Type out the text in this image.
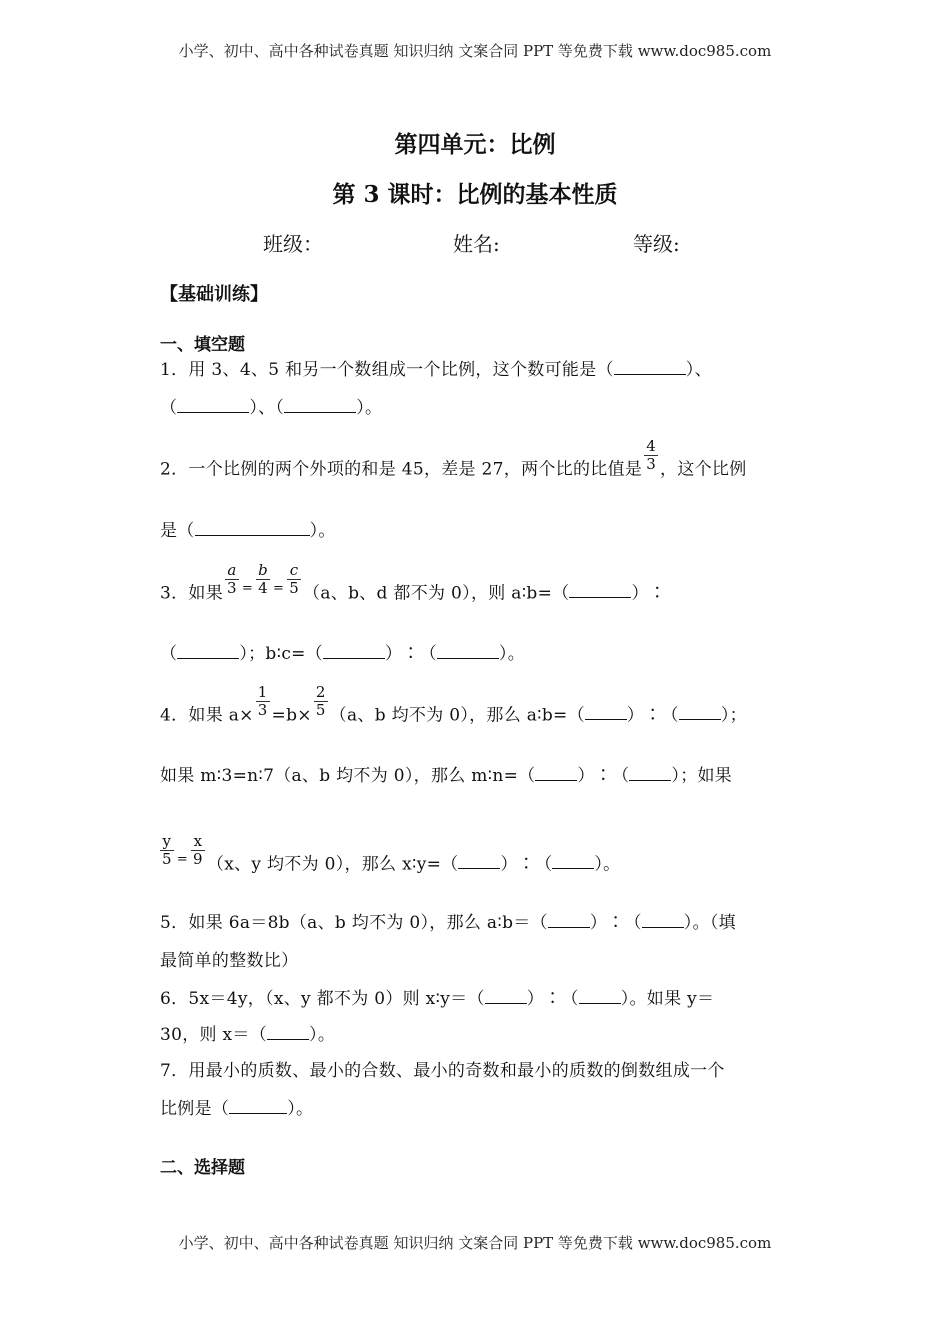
小学、初中、高中各种试卷真题 知识归纳 文案合同 PPT 等免费下载 www.doc985.com
第四单元：比例
第 3 课时：比例的基本性质
班级：	姓名:	等级:
【基础训练】
一、填空题
1．用 3、4、5 和另一个数组成一个比例，这个数可能是（	）、
（	）、（	）。
2．一个比例的两个外项的和是 45，差是 27，两个比的比值是 $\frac{4}{3}$ ，这个比例
是（	）。
3．如果 $\frac{a}{3} ^= \frac{b}{4} ^= \frac{c}{5} (a$、b、d 都不为 0），则 a∶b=（	）∶
（	）；b∶c=（	）∶（	）。
4．如果 $a\times \frac{1}{3} =b\times \frac{2}{5} (a$、b 均不为 0），那么 a∶b=（ ）∶（ ）；
如果 m∶3=n∶7（a、b 均不为 0），那么 m∶n=（ ）∶（ ）；如果
$\frac{y}{5} ^= \frac{x}{9} (x$、y 均不为 0），那么 x∶y=（ ）∶（ ）。
5．如果 6a＝8b（a、b 均不为 0），那么 a∶b＝（ ）∶（ ）。（填
最简单的整数比）
6．5x＝4y，（x、y 都不为 0）则 x∶y＝（ ）∶（ ）。如果 y＝
30，则 x＝（ ）。
7．用最小的质数、最小的合数、最小的奇数和最小的质数的倒数组成一个
比例是（	）。
二、选择题
小学、初中、高中各种试卷真题 知识归纳 文案合同 PPT 等免费下载 www.doc985.com
